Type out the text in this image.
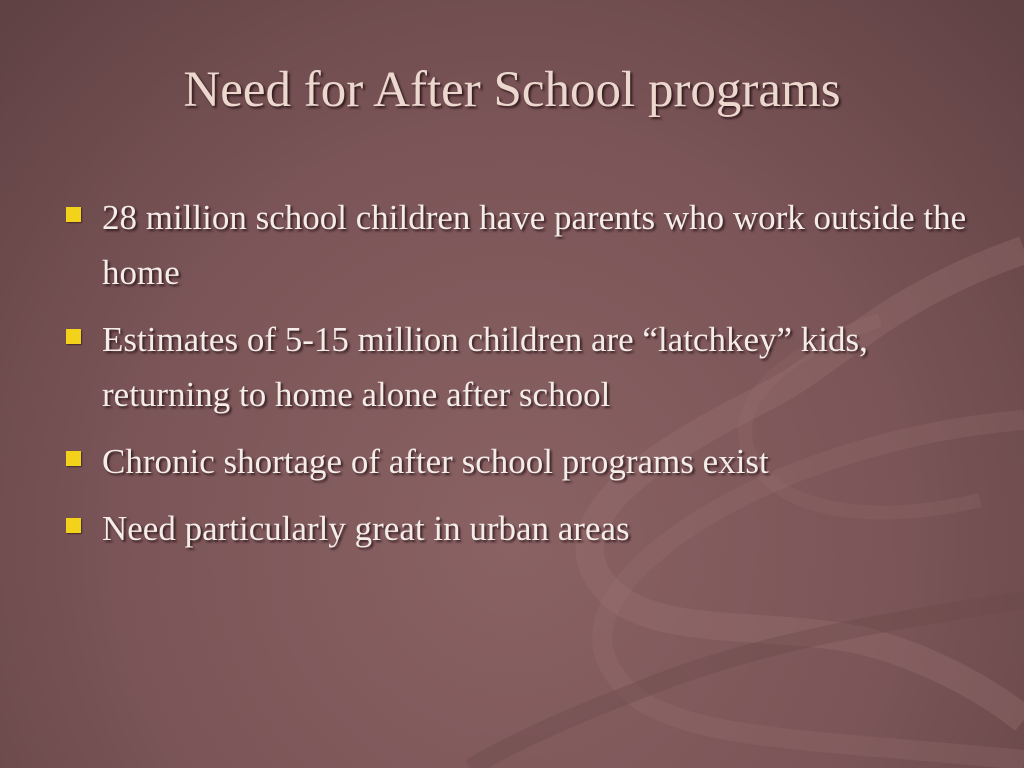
Need for After School programs
28 million school children have parents who work outside the home
Estimates of 5-15 million children are “latchkey” kids, returning to home alone after school
Chronic shortage of after school programs exist
Need particularly great in urban areas
